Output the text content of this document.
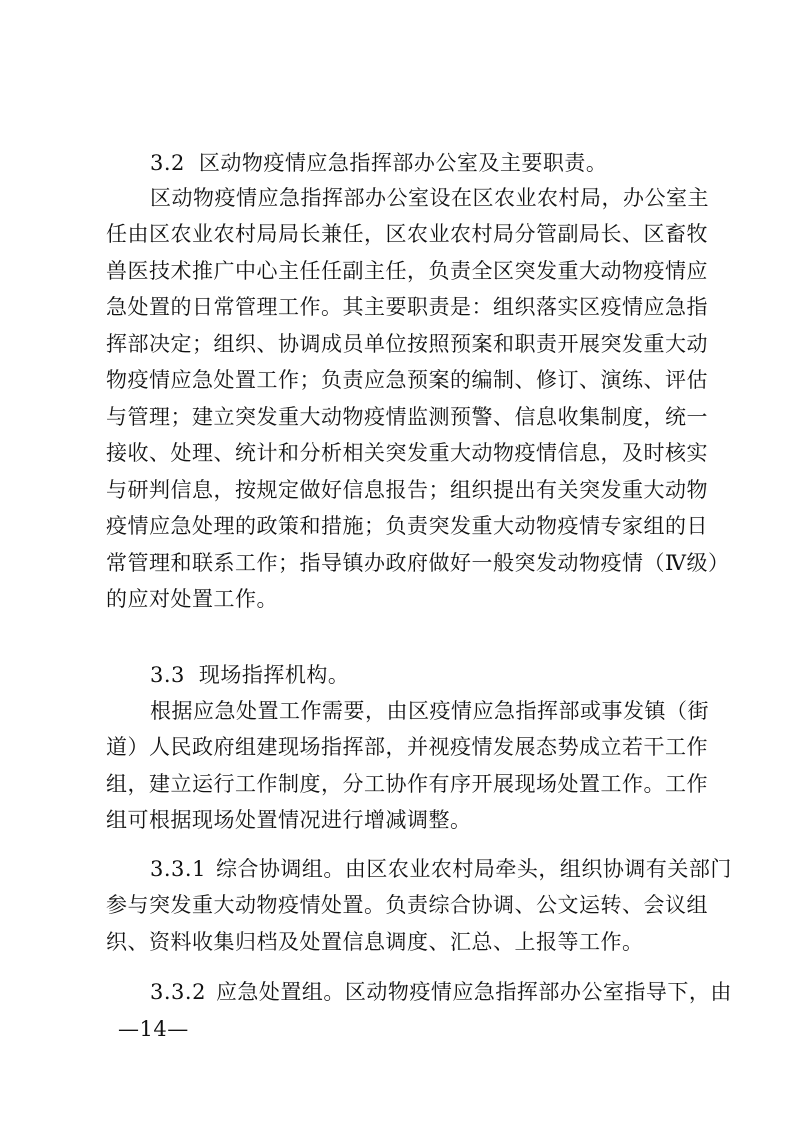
3.2 区动物疫情应急指挥部办公室及主要职责。
区动物疫情应急指挥部办公室设在区农业农村局，办公室主
任由区农业农村局局长兼任，区农业农村局分管副局长、区畜牧
兽医技术推广中心主任任副主任，负责全区突发重大动物疫情应
急处置的日常管理工作。其主要职责是：组织落实区疫情应急指
挥部决定；组织、协调成员单位按照预案和职责开展突发重大动
物疫情应急处置工作；负责应急预案的编制、修订、演练、评估
与管理；建立突发重大动物疫情监测预警、信息收集制度，统一
接收、处理、统计和分析相关突发重大动物疫情信息，及时核实
与研判信息，按规定做好信息报告；组织提出有关突发重大动物
疫情应急处理的政策和措施；负责突发重大动物疫情专家组的日
常管理和联系工作；指导镇办政府做好一般突发动物疫情（Ⅳ级）
的应对处置工作。
3.3 现场指挥机构。
根据应急处置工作需要，由区疫情应急指挥部或事发镇（街
道）人民政府组建现场指挥部，并视疫情发展态势成立若干工作
组，建立运行工作制度，分工协作有序开展现场处置工作。工作
组可根据现场处置情况进行增减调整。
3.3.1 综合协调组。由区农业农村局牵头，组织协调有关部门
参与突发重大动物疫情处置。负责综合协调、公文运转、会议组
织、资料收集归档及处置信息调度、汇总、上报等工作。
3.3.2 应急处置组。区动物疫情应急指挥部办公室指导下，由
—14—
